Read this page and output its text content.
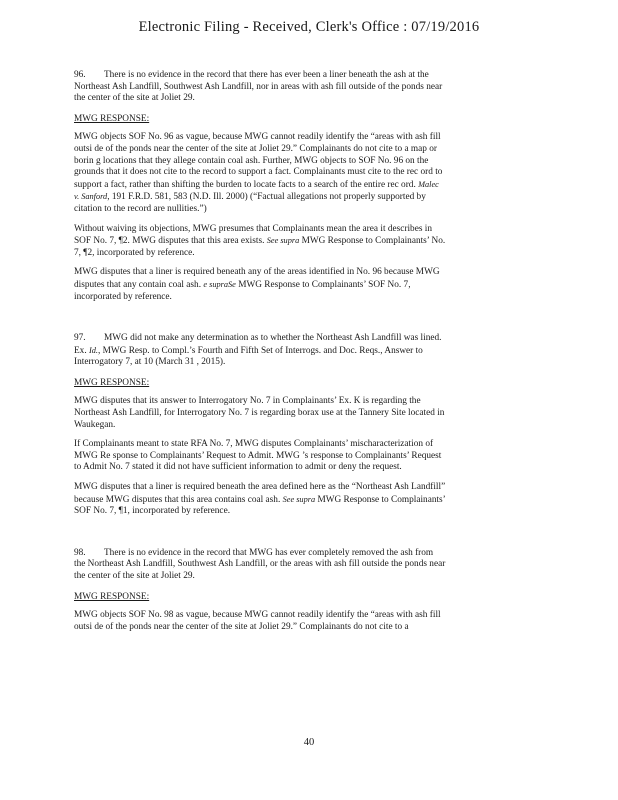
Electronic Filing - Received, Clerk's Office : 07/19/2016

96. There is no evidence in the record that there has ever been a liner beneath the ash at the Northeast Ash Landfill, Southwest Ash Landfill, nor in areas with ash fill outside of the ponds near the center of the site at Joliet 29.

MWG RESPONSE:

MWG objects SOF No. 96 as vague, because MWG cannot readily identify the “areas with ash fill outsi de of the ponds near the center of the site at Joliet 29.” Complainants do not cite to a map or borin g locations that they allege contain coal ash. Further, MWG objects to SOF No. 96 on the grounds that it does not cite to the record to support a fact. Complainants must cite to the rec ord to support a fact, rather than shifting the burden to locate facts to a search of the entire rec ord. Malec v. Sanford, 191 F.R.D. 581, 583 (N.D. Ill. 2000) (“Factual allegations not properly supported by citation to the record are nullities.”)

Without waiving its objections, MWG presumes that Complainants mean the area it describes in SOF No. 7, ¶2. MWG disputes that this area exists. See supra MWG Response to Complainants’ No. 7, ¶2, incorporated by reference.

MWG disputes that a liner is required beneath any of the areas identified in No. 96 because MWG disputes that any contain coal ash. e supraSe MWG Response to Complainants’ SOF No. 7, incorporated by reference.

97. MWG did not make any determination as to whether the Northeast Ash Landfill was lined. Ex. Id., MWG Resp. to Compl.’s Fourth and Fifth Set of Interrogs. and Doc. Reqs., Answer to Interrogatory 7, at 10 (March 31 , 2015).

MWG RESPONSE:

MWG disputes that its answer to Interrogatory No. 7 in Complainants’ Ex. K is regarding the Northeast Ash Landfill, for Interrogatory No. 7 is regarding borax use at the Tannery Site located in Waukegan.

If Complainants meant to state RFA No. 7, MWG disputes Complainants’ mischaracterization of MWG Re sponse to Complainants’ Request to Admit. MWG ’s response to Complainants’ Request to Admit No. 7 stated it did not have sufficient information to admit or deny the request.

MWG disputes that a liner is required beneath the area defined here as the “Northeast Ash Landfill” because MWG disputes that this area contains coal ash. See supra MWG Response to Complainants’ SOF No. 7, ¶1, incorporated by reference.

98. There is no evidence in the record that MWG has ever completely removed the ash from the Northeast Ash Landfill, Southwest Ash Landfill, or the areas with ash fill outside the ponds near the center of the site at Joliet 29.

MWG RESPONSE:

MWG objects SOF No. 98 as vague, because MWG cannot readily identify the “areas with ash fill outsi de of the ponds near the center of the site at Joliet 29.” Complainants do not cite to a

40
